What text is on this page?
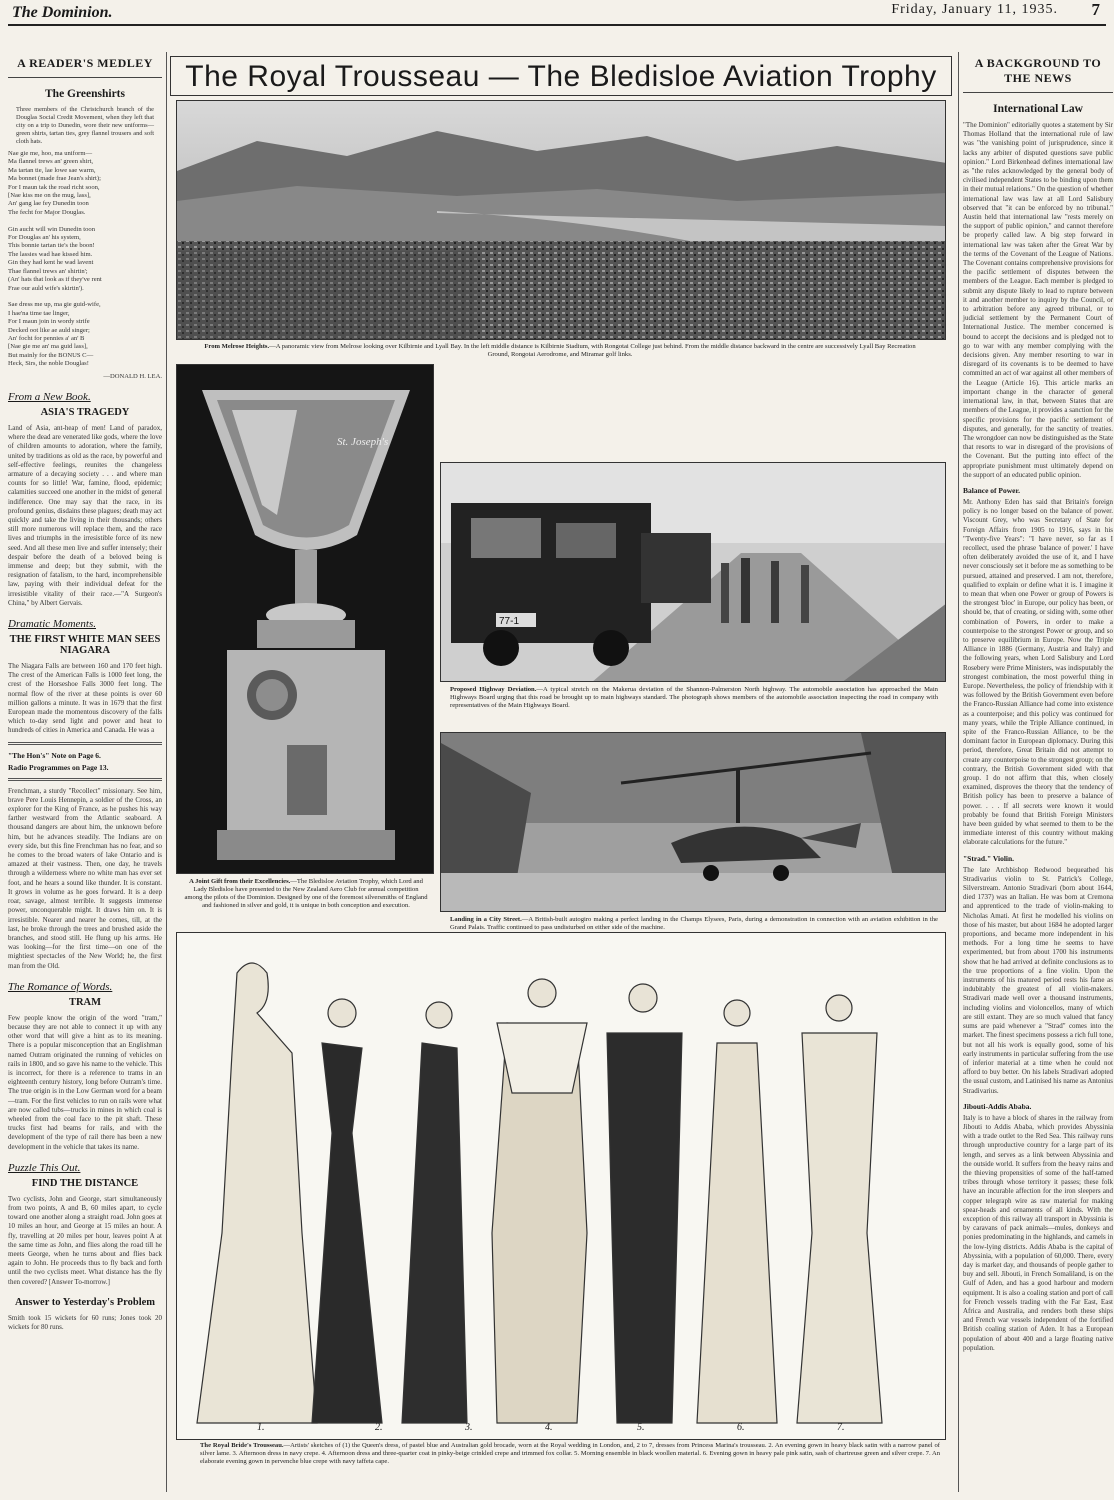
The Dominion.	Friday, January 11, 1935. 7
A READER'S MEDLEY
The Greenshirts
Three members of the Christchurch branch of the Douglas Social Credit Movement, when they left that city on a trip to Dunedin, wore their new uniforms—green shirts, tartan ties, grey flannel trousers and soft cloth hats.
Nae gie me, hoo, ma uniform—
Ma flannel trews an' green shirt,
Ma tartan tie, lae lowe sae warm,
Ma bonnet (made frae Jean's shirt);
For I maun tak the road richt soon,
[Nae kiss me on the mug, lass],
An' gang lae fey Dunedin toon
The fecht for Major Douglas.

Gin aucht will win Dunedin toon
For Douglas an' his system,
This bonnie tartan tie's the boon!
The lassies wad hae kissed him.
Gin they had kent he wad lavent
Thae flannel trews an' shirtin';
(An' hats that look as if they've rent
Frae our auld wife's skirtin').

Sae dress me up, ma gie guid-wife,
I hae'na time tae linger,
For I maun join in wordy strife
Decked oot like ae auld singer;
An' focht for pennies a' an' B
[Nae gie me an' ma guid lass],
But mainly for the BONUS C—
Heck, Sirs, the noble Douglas!
—DONALD H. LEA.
From a New Book.
ASIA'S TRAGEDY
Land of Asia, ant-heap of men! Land of paradox, where the dead are venerated like gods, where the love of children amounts to adoration, where the family, united by traditions as old as the race, by powerful and self-effective feelings, reunites the changeless armature of a decaying society . . . and where man counts for so little! War, famine, flood, epidemic; calamities succeed one another in the midst of general indifference. One may say that the race, in its profound genius, disdains these plagues; death may act quickly and take the living in their thousands; others still more numerous will replace them, and the race lives and triumphs in the irresistible force of its new seed. And all these men live and suffer intensely; their despair before the death of a beloved being is immense and deep; but they submit, with the resignation of fatalism, to the hard, incomprehensible law, paying with their individual defeat for the irresistible vitality of their race.—"A Surgeon's China," by Albert Gervais.
Dramatic Moments.
THE FIRST WHITE MAN SEES NIAGARA
The Niagara Falls are between 160 and 170 feet high. The crest of the American Falls is 1000 feet long, the crest of the Horseshoe Falls 3000 feet long. The normal flow of the river at these points is over 60 million gallons a minute. It was in 1679 that the first European made the momentous discovery of the falls which to-day send light and power and heat to hundreds of cities in America and Canada. He was a
"The Hon's" Note on Page 6.
Radio Programmes on Page 13.
Frenchman, a sturdy "Recollect" missionary. See him, brave Pere Louis Hennepin, a soldier of the Cross, an explorer for the King of France, as he pushes his way farther westward from the Atlantic seaboard. A thousand dangers are about him, the unknown before him, but he advances steadily. The Indians are on every side, but this fine Frenchman has no fear, and so he comes to the broad waters of lake Ontario and is amazed at their vastness. Then, one day, he travels through a wilderness where no white man has ever set foot, and he hears a sound like thunder. It is constant. It grows in volume as he goes forward. It is a deep roar, savage, almost terrible. It suggests immense power, unconquerable might. It draws him on. It is irresistible. Nearer and nearer he comes, till, at the last, he broke through the trees and brushed aside the branches, and stood still. He flung up his arms. He was looking—for the first time—on one of the mightiest spectacles of the New World; he, the first man from the Old.
The Romance of Words.
TRAM
Few people know the origin of the word "tram," because they are not able to connect it up with any other word that will give a hint as to its meaning. There is a popular misconception that an Englishman named Outram originated the running of vehicles on rails in 1800, and so gave his name to the vehicle. This is incorrect, for there is a reference to trams in an eighteenth century history, long before Outram's time. The true origin is in the Low German word for a beam—tram. For the first vehicles to run on rails were what are now called tubs—trucks in mines in which coal is wheeled from the coal face to the pit shaft. These trucks first had beams for rails, and with the development of the type of rail there has been a new development in the vehicle that takes its name.
Puzzle This Out.
FIND THE DISTANCE
Two cyclists, John and George, start simultaneously from two points, A and B, 60 miles apart, to cycle toward one another along a straight road. John goes at 10 miles an hour, and George at 15 miles an hour. A fly, travelling at 20 miles per hour, leaves point A at the same time as John, and flies along the road till he meets George, when he turns about and flies back again to John. He proceeds thus to fly back and forth until the two cyclists meet. What distance has the fly then covered? [Answer To-morrow.]
Answer to Yesterday's Problem
Smith took 15 wickets for 60 runs; Jones took 20 wickets for 80 runs.
The Royal Trousseau — The Bledisloe Aviation Trophy
From Melrose Heights.—A panoramic view from Melrose looking over Kilbirnie and Lyall Bay. In the left middle distance is Kilbirnie Stadium, with Rongotai College just behind. From the middle distance backward in the centre are successively Lyall Bay Recreation Ground, Rongotai Aerodrome, and Miramar golf links.
St. Joseph's
A Joint Gift from their Excellencies.—The Bledisloe Aviation Trophy, which Lord and Lady Bledisloe have presented to the New Zealand Aero Club for annual competition among the pilots of the Dominion. Designed by one of the foremost silversmiths of England and fashioned in silver and gold, it is unique in both conception and execution.
77-1
Proposed Highway Deviation.—A typical stretch on the Makerua deviation of the Shannon-Palmerston North highway. The automobile association has approached the Main Highways Board urging that this road be brought up to main highways standard. The photograph shows members of the automobile association inspecting the road in company with representatives of the Main Highways Board.
Landing in a City Street.—A British-built autogiro making a perfect landing in the Champs Elysees, Paris, during a demonstration in connection with an aviation exhibition in the Grand Palais. Traffic continued to pass undisturbed on either side of the machine.
1.	2.	3.	4.	5.	6.	7.
The Royal Bride's Trousseau.—Artists' sketches of (1) the Queen's dress, of pastel blue and Australian gold brocade, worn at the Royal wedding in London, and, 2 to 7, dresses from Princess Marina's trousseau. 2. An evening gown in heavy black satin with a narrow panel of silver lame. 3. Afternoon dress in navy crepe. 4. Afternoon dress and three-quarter coat in pinky-beige crinkled crepe and trimmed fox collar. 5. Morning ensemble in black woollen material. 6. Evening gown in heavy pale pink satin, sash of chartreuse green and silver crepe. 7. An elaborate evening gown in pervenche blue crepe with navy taffeta cape.
A BACKGROUND TO THE NEWS
International Law
"The Dominion" editorially quotes a statement by Sir Thomas Holland that the international rule of law was "the vanishing point of jurisprudence, since it lacks any arbiter of disputed questions save public opinion." Lord Birkenhead defines international law as "the rules acknowledged by the general body of civilised independent States to be binding upon them in their mutual relations." On the question of whether international law was law at all Lord Salisbury observed that "it can be enforced by no tribunal." Austin held that international law "rests merely on the support of public opinion," and cannot therefore be properly called law. A big step forward in international law was taken after the Great War by the terms of the Covenant of the League of Nations. The Covenant contains comprehensive provisions for the pacific settlement of disputes between the members of the League. Each member is pledged to submit any dispute likely to lead to rupture between it and another member to inquiry by the Council, or to arbitration before any agreed tribunal, or to judicial settlement by the Permanent Court of International Justice. The member concerned is bound to accept the decisions and is pledged not to go to war with any member complying with the decisions given. Any member resorting to war in disregard of its covenants is to be deemed to have committed an act of war against all other members of the League (Article 16). This article marks an important change in the character of general international law, in that, between States that are members of the League, it provides a sanction for the specific provisions for the pacific settlement of disputes, and generally, for the sanctity of treaties. The wrongdoer can now be distinguished as the State that resorts to war in disregard of the provisions of the Covenant. But the putting into effect of the appropriate punishment must ultimately depend on the support of an educated public opinion.
Balance of Power.
Mr. Anthony Eden has said that Britain's foreign policy is no longer based on the balance of power. Viscount Grey, who was Secretary of State for Foreign Affairs from 1905 to 1916, says in his "Twenty-five Years": "I have never, so far as I recollect, used the phrase 'balance of power.' I have often deliberately avoided the use of it, and I have never consciously set it before me as something to be pursued, attained and preserved. I am not, therefore, qualified to explain or define what it is. I imagine it to mean that when one Power or group of Powers is the strongest 'bloc' in Europe, our policy has been, or should be, that of creating, or siding with, some other combination of Powers, in order to make a counterpoise to the strongest Power or group, and so to preserve equilibrium in Europe. Now the Triple Alliance in 1886 (Germany, Austria and Italy) and the following years, when Lord Salisbury and Lord Rosebery were Prime Ministers, was indisputably the strongest combination, the most powerful thing in Europe. Nevertheless, the policy of friendship with it was followed by the British Government even before the Franco-Russian Alliance had come into existence as a counterpoise; and this policy was continued for many years, while the Triple Alliance continued, in spite of the Franco-Russian Alliance, to be the dominant factor in European diplomacy. During this period, therefore, Great Britain did not attempt to create any counterpoise to the strongest group; on the contrary, the British Government sided with that group. I do not affirm that this, when closely examined, disproves the theory that the tendency of British policy has been to preserve a balance of power. . . . If all secrets were known it would probably be found that British Foreign Ministers have been guided by what seemed to them to be the immediate interest of this country without making elaborate calculations for the future."
"Strad." Violin.
The late Archbishop Redwood bequeathed his Stradivarius violin to St. Patrick's College, Silverstream. Antonio Stradivari (born about 1644, died 1737) was an Italian. He was born at Cremona and apprenticed to the trade of violin-making to Nicholas Amati. At first he modelled his violins on those of his master, but about 1684 he adopted larger proportions, and became more independent in his methods. For a long time he seems to have experimented, but from about 1700 his instruments show that he had arrived at definite conclusions as to the true proportions of a fine violin. Upon the instruments of his matured period rests his fame as indubitably the greatest of all violin-makers. Stradivari made well over a thousand instruments, including violins and violoncellos, many of which are still extant. They are so much valued that fancy sums are paid whenever a "Strad" comes into the market. The finest specimens possess a rich full tone, but not all his work is equally good, some of his early instruments in particular suffering from the use of inferior material at a time when he could not afford to buy better. On his labels Stradivari adopted the usual custom, and Latinised his name as Antonius Stradivarius.
Jibouti-Addis Ababa.
Italy is to have a block of shares in the railway from Jibouti to Addis Ababa, which provides Abyssinia with a trade outlet to the Red Sea. This railway runs through unproductive country for a large part of its length, and serves as a link between Abyssinia and the outside world. It suffers from the heavy rains and the thieving propensities of some of the half-tamed tribes through whose territory it passes; these folk have an incurable affection for the iron sleepers and copper telegraph wire as raw material for making spear-heads and ornaments of all kinds. With the exception of this railway all transport in Abyssinia is by caravans of pack animals—mules, donkeys and ponies predominating in the highlands, and camels in the low-lying districts. Addis Ababa is the capital of Abyssinia, with a population of 60,000. There, every day is market day, and thousands of people gather to buy and sell. Jibouti, in French Somaliland, is on the Gulf of Aden, and has a good harbour and modern equipment. It is also a coaling station and port of call for French vessels trading with the Far East, East Africa and Australia, and renders both these ships and French war vessels independent of the fortified British coaling station of Aden. It has a European population of about 400 and a large floating native population.
